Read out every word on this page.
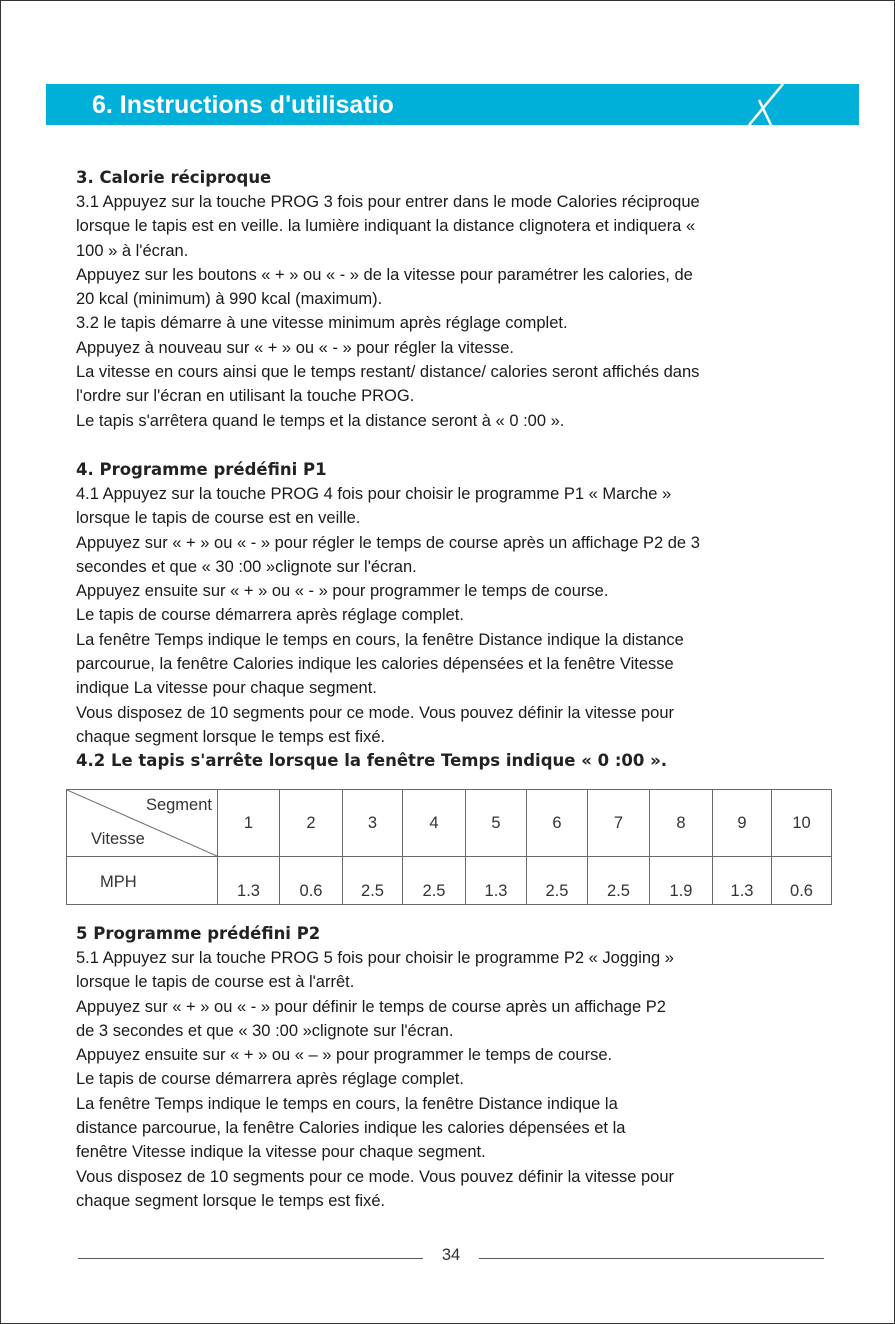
6. Instructions d'utilisatio

3. Calorie réciproque

3.1 Appuyez sur la touche PROG 3 fois pour entrer dans le mode Calories réciproque

lorsque le tapis est en veille. la lumière indiquant la distance clignotera et indiquera «

100 » à l'écran.

Appuyez sur les boutons « + » ou « - » de la vitesse pour paramétrer les calories, de

20 kcal (minimum) à 990 kcal (maximum).

3.2 le tapis démarre à une vitesse minimum après réglage complet.

Appuyez à nouveau sur « + » ou « - » pour régler la vitesse.

La vitesse en cours ainsi que le temps restant/ distance/ calories seront affichés dans

l'ordre sur l'écran en utilisant la touche PROG.

Le tapis s'arrêtera quand le temps et la distance seront à « 0 :00 ».

4. Programme prédéfini P1

4.1 Appuyez sur la touche PROG 4 fois pour choisir le programme P1 « Marche »

lorsque le tapis de course est en veille.

Appuyez sur « + » ou « - » pour régler le temps de course après un affichage P2 de 3

secondes et que « 30 :00 »clignote sur l'écran.

Appuyez ensuite sur « + » ou « - » pour programmer le temps de course.

Le tapis de course démarrera après réglage complet.

La fenêtre Temps indique le temps en cours, la fenêtre Distance indique la distance

parcourue, la fenêtre Calories indique les calories dépensées et la fenêtre Vitesse

indique La vitesse pour chaque segment.

Vous disposez de 10 segments pour ce mode. Vous pouvez définir la vitesse pour

chaque segment lorsque le temps est fixé.

4.2 Le tapis s'arrête lorsque la fenêtre Temps indique « 0 :00 ».
Segment
Vitesse	1	2	3	4	5	6	7	8	9	10
MPH	1.3	0.6	2.5	2.5	1.3	2.5	2.5	1.9	1.3	0.6

5 Programme prédéfini P2

5.1 Appuyez sur la touche PROG 5 fois pour choisir le programme P2 « Jogging »

lorsque le tapis de course est à l'arrêt.

Appuyez sur « + » ou « - » pour définir le temps de course après un affichage P2

de 3 secondes et que « 30 :00 »clignote sur l'écran.

Appuyez ensuite sur « + » ou « – » pour programmer le temps de course.

Le tapis de course démarrera après réglage complet.

La fenêtre Temps indique le temps en cours, la fenêtre Distance indique la

distance parcourue, la fenêtre Calories indique les calories dépensées et la

fenêtre Vitesse indique la vitesse pour chaque segment.

Vous disposez de 10 segments pour ce mode. Vous pouvez définir la vitesse pour

chaque segment lorsque le temps est fixé.

34
